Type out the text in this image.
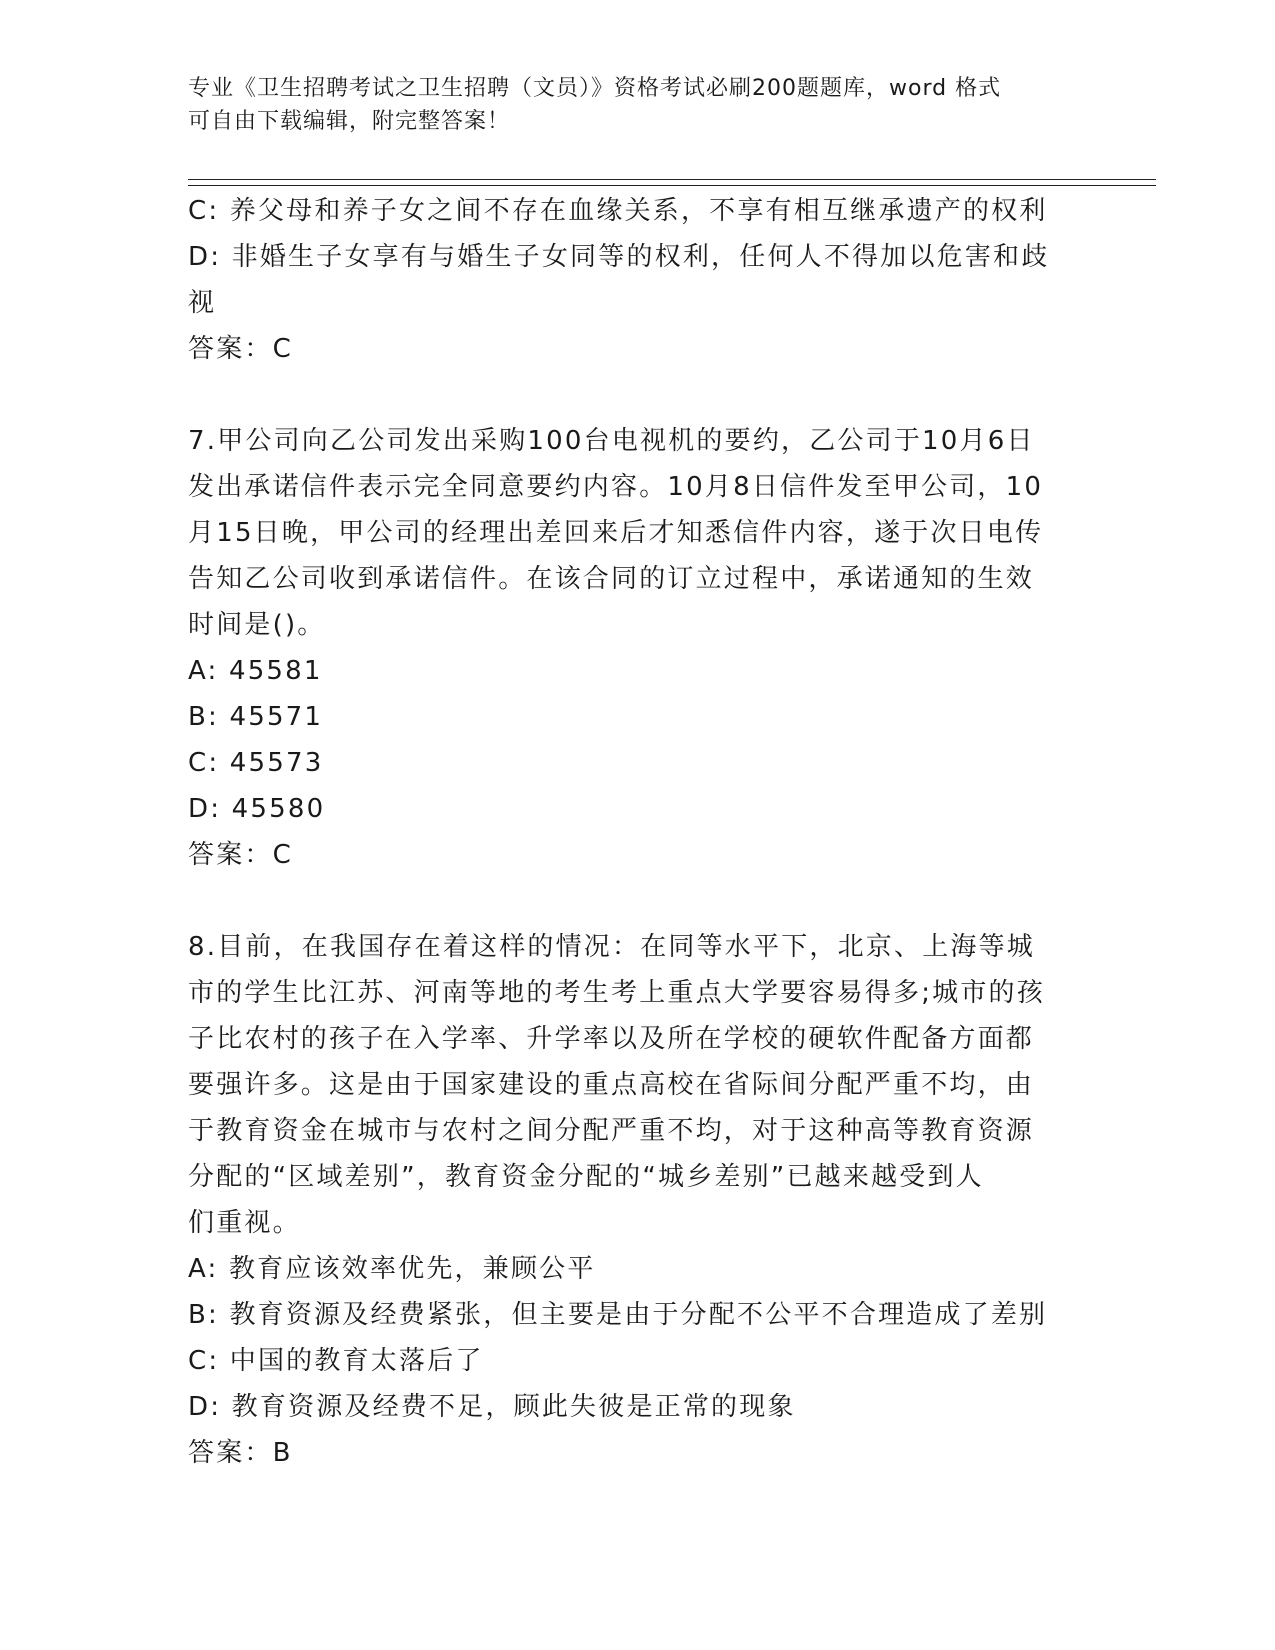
专业《卫生招聘考试之卫生招聘（文员）》资格考试必刷200题题库，word 格式

可自由下载编辑，附完整答案！

C: 养父母和养子女之间不存在血缘关系，不享有相互继承遗产的权利

D: 非婚生子女享有与婚生子女同等的权利，任何人不得加以危害和歧

视

答案：C

7.甲公司向乙公司发出采购100台电视机的要约，乙公司于10月6日

发出承诺信件表示完全同意要约内容。10月8日信件发至甲公司，10

月15日晚，甲公司的经理出差回来后才知悉信件内容，遂于次日电传

告知乙公司收到承诺信件。在该合同的订立过程中，承诺通知的生效

时间是()。

A: 45581

B: 45571

C: 45573

D: 45580

答案：C

8.目前，在我国存在着这样的情况：在同等水平下，北京、上海等城

市的学生比江苏、河南等地的考生考上重点大学要容易得多;城市的孩

子比农村的孩子在入学率、升学率以及所在学校的硬软件配备方面都

要强许多。这是由于国家建设的重点高校在省际间分配严重不均，由

于教育资金在城市与农村之间分配严重不均，对于这种高等教育资源

分配的“区域差别”，教育资金分配的“城乡差别”已越来越受到人

们重视。

A: 教育应该效率优先，兼顾公平

B: 教育资源及经费紧张，但主要是由于分配不公平不合理造成了差别

C: 中国的教育太落后了

D: 教育资源及经费不足，顾此失彼是正常的现象

答案：B
